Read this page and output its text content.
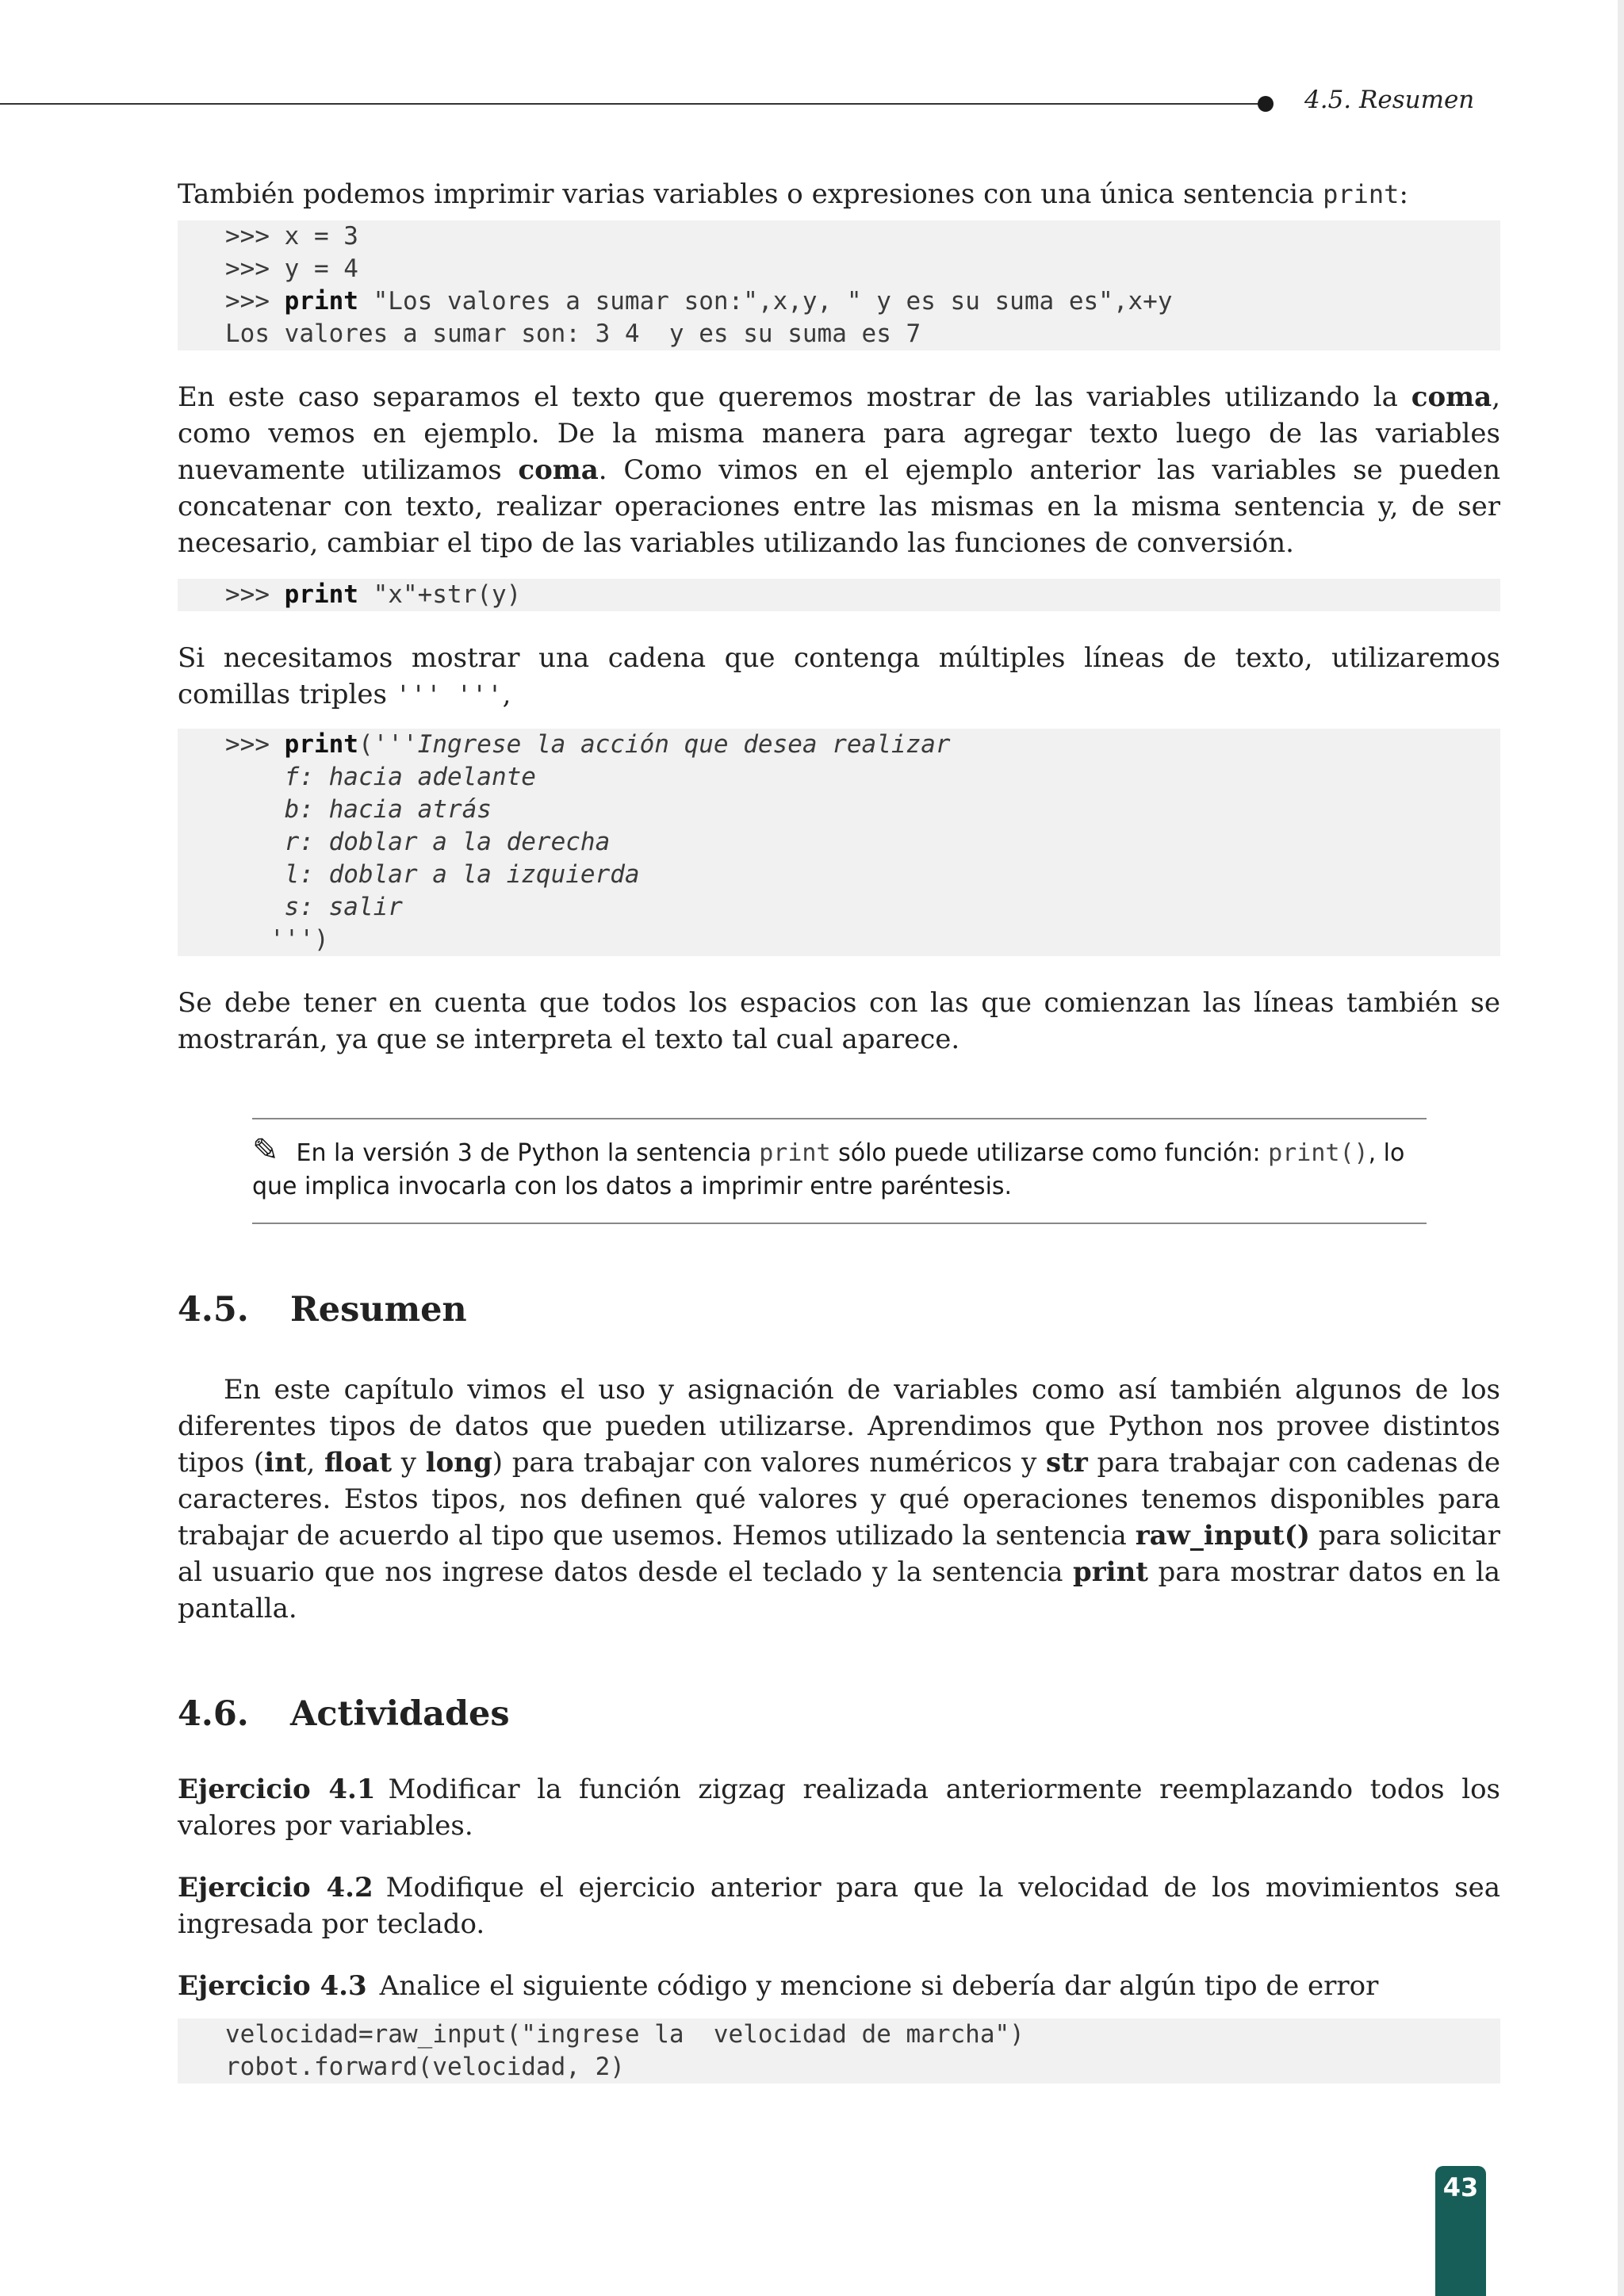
4.5. Resumen

También podemos imprimir varias variables o expresiones con una única sentencia print:

>>> x = 3
>>> y = 4
>>> print "Los valores a sumar son:",x,y, " y es su suma es",x+y
Los valores a sumar son: 3 4  y es su suma es 7

En este caso separamos el texto que queremos mostrar de las variables utilizando la coma, como vemos en ejemplo. De la misma manera para agregar texto luego de las variables nuevamente utilizamos coma. Como vimos en el ejemplo anterior las variables se pueden concatenar con texto, realizar operaciones entre las mismas en la misma sentencia y, de ser necesario, cambiar el tipo de las variables utilizando las funciones de conversión.

>>> print "x"+str(y)

Si necesitamos mostrar una cadena que contenga múltiples líneas de texto, utilizaremos comillas triples ''' ''',

>>> print('''Ingrese la acción que desea realizar
f: hacia adelante
b: hacia atrás
r: doblar a la derecha
l: doblar a la izquierda
s: salir
''')

Se debe tener en cuenta que todos los espacios con las que comienzan las líneas también se mostrarán, ya que se interpreta el texto tal cual aparece.

✎ En la versión 3 de Python la sentencia print sólo puede utilizarse como función: print(), lo que implica invocarla con los datos a imprimir entre paréntesis.
4.5. Resumen

En este capítulo vimos el uso y asignación de variables como así también algunos de los diferentes tipos de datos que pueden utilizarse. Aprendimos que Python nos provee distintos tipos (int, float y long) para trabajar con valores numéricos y str para trabajar con cadenas de caracteres. Estos tipos, nos definen qué valores y qué operaciones tenemos disponibles para trabajar de acuerdo al tipo que usemos. Hemos utilizado la sentencia raw_input() para solicitar al usuario que nos ingrese datos desde el teclado y la sentencia print para mostrar datos en la pantalla.

4.6. Actividades

Ejercicio 4.1 Modificar la función zigzag realizada anteriormente reemplazando todos los valores por variables.

Ejercicio 4.2 Modifique el ejercicio anterior para que la velocidad de los movimientos sea ingresada por teclado.

Ejercicio 4.3 Analice el siguiente código y mencione si debería dar algún tipo de error

velocidad=raw_input("ingrese la  velocidad de marcha")
robot.forward(velocidad, 2)
43
